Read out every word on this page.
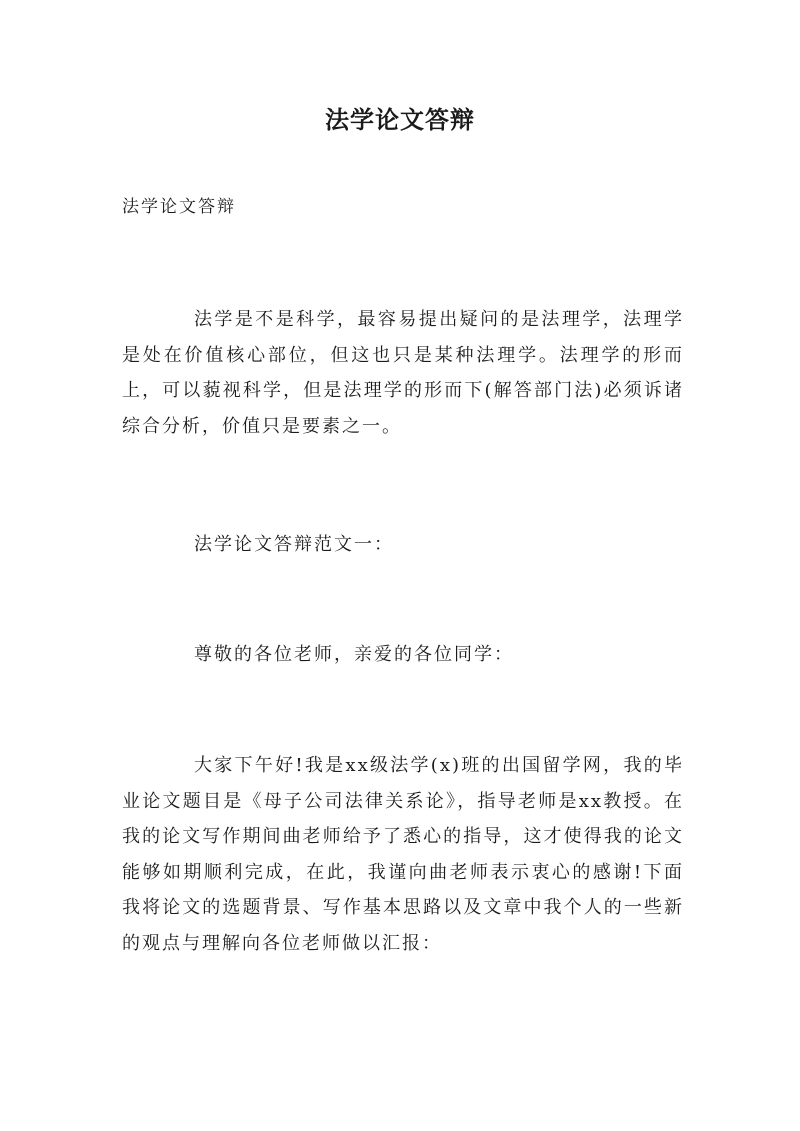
法学论文答辩
法学论文答辩

法学是不是科学，最容易提出疑问的是法理学，法理学是处在价值核心部位，但这也只是某种法理学。法理学的形而上，可以藐视科学，但是法理学的形而下(解答部门法)必须诉诸综合分析，价值只是要素之一。

法学论文答辩范文一：

尊敬的各位老师，亲爱的各位同学：

大家下午好!我是xx级法学(x)班的出国留学网，我的毕业论文题目是《母子公司法律关系论》，指导老师是xx教授。在我的论文写作期间曲老师给予了悉心的指导，这才使得我的论文能够如期顺利完成，在此，我谨向曲老师表示衷心的感谢!下面我将论文的选题背景、写作基本思路以及文章中我个人的一些新的观点与理解向各位老师做以汇报：
